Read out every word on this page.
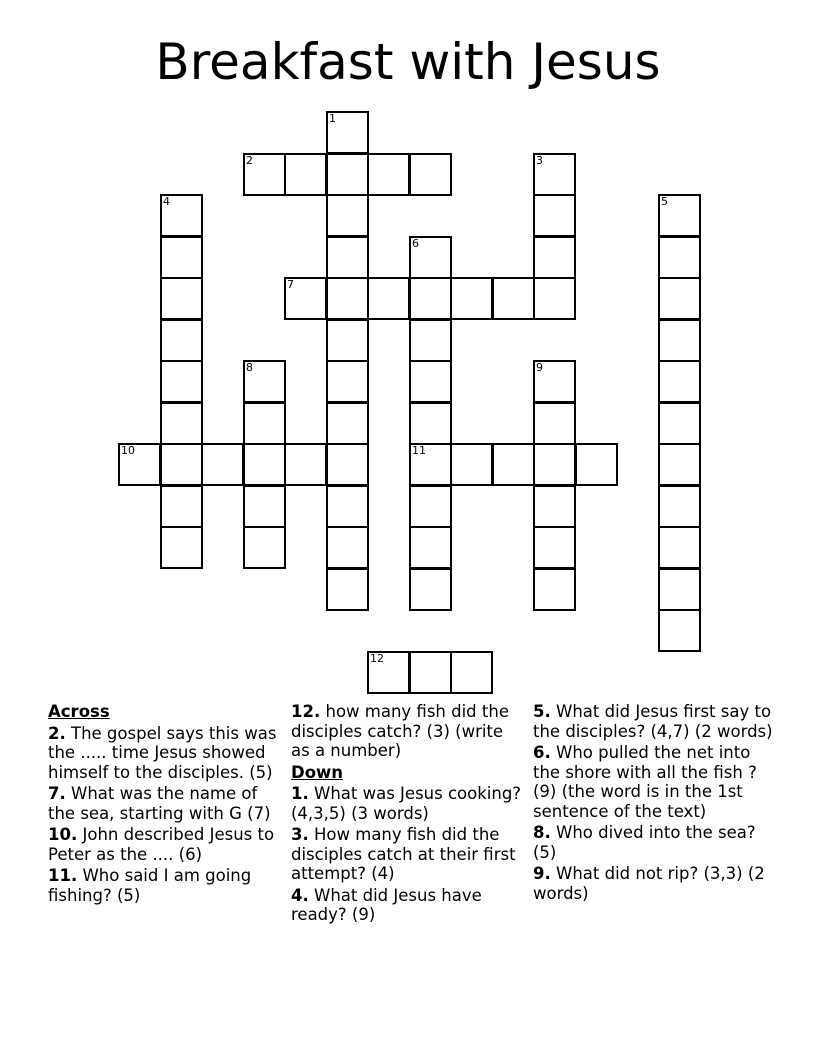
Breakfast with Jesus
1
2	3
4	5
6
11
7
8	9
10
12
Across
2. The gospel says this was the ..... time Jesus showed himself to the disciples. (5)
7. What was the name of the sea, starting with G (7)
10. John described Jesus to Peter as the .... (6)
11. Who said I am going fishing? (5)
12. how many fish did the disciples catch? (3) (write as a number)
Down
1. What was Jesus cooking? (4,3,5) (3 words)
3. How many fish did the disciples catch at their first attempt? (4)
4. What did Jesus have ready? (9)
5. What did Jesus first say to the disciples? (4,7) (2 words)
6. Who pulled the net into the shore with all the fish ? (9) (the word is in the 1st sentence of the text)
8. Who dived into the sea? (5)
9. What did not rip? (3,3) (2 words)
